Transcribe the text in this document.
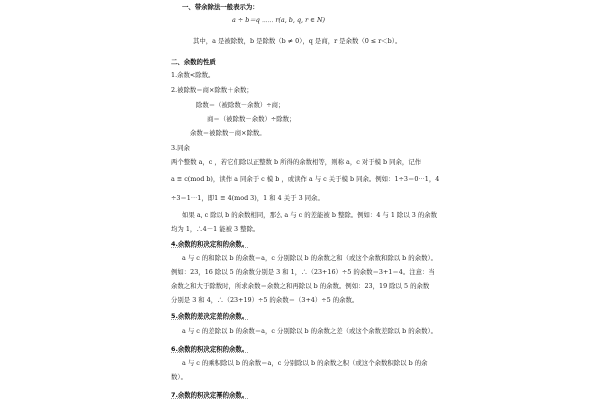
一、带余除法一般表示为：
a ÷ b＝q ⋯⋯ r(a, b, q, r ∈ N)
其中，a 是被除数，b 是除数（b ≠ 0），q 是商，r 是余数（0 ≤ r＜b）。
二、余数的性质
1.余数<除数。
2.被除数＝商×除数＋余数；
除数＝（被除数－余数）÷商；
商＝（被除数－余数）÷除数；
余数＝被除数－商×除数。
3.同余
两个整数 a，c ，若它们除以正整数 b 所得的余数相等，则称 a，c 对于模 b 同余，记作
a ≡ c(mod b)，读作 a 同余于 c 模 b ，或读作 a 与 c 关于模 b 同余。例如：1÷3＝0⋯1，4
÷3＝1⋯1，即1 ≡ 4(mod 3)，1 和 4 关于 3 同余。
如果 a, c 除以 b 的余数相同，那么 a 与 c 的差能被 b 整除。例如：4 与 1 除以 3 的余数
均为 1，∴4－1 能被 3 整除。
4.余数的和决定和的余数。
a 与 c 的和除以 b 的余数＝a，c 分别除以 b 的余数之和（或这个余数和除以 b 的余数）。
例如：23，16 除以 5 的余数分别是 3 和 1，∴（23+16）÷5 的余数＝3+1＝4。注意：当
余数之和大于除数时，所求余数＝余数之和再除以 b 的余数。例如：23，19 除以 5 的余数
分别是 3 和 4，∴（23+19）÷5 的余数＝（3+4）÷5 的余数。
5.余数的差决定差的余数。
a 与 c 的差除以 b 的余数＝a，c 分别除以 b 的余数之差（或这个余数差除以 b 的余数）。
6.余数的积决定积的余数。
a 与 c 的乘积除以 b 的余数＝a，c 分别除以 b 的余数之积（或这个余数积除以 b 的余
数）。
7.余数的积决定幂的余数。
